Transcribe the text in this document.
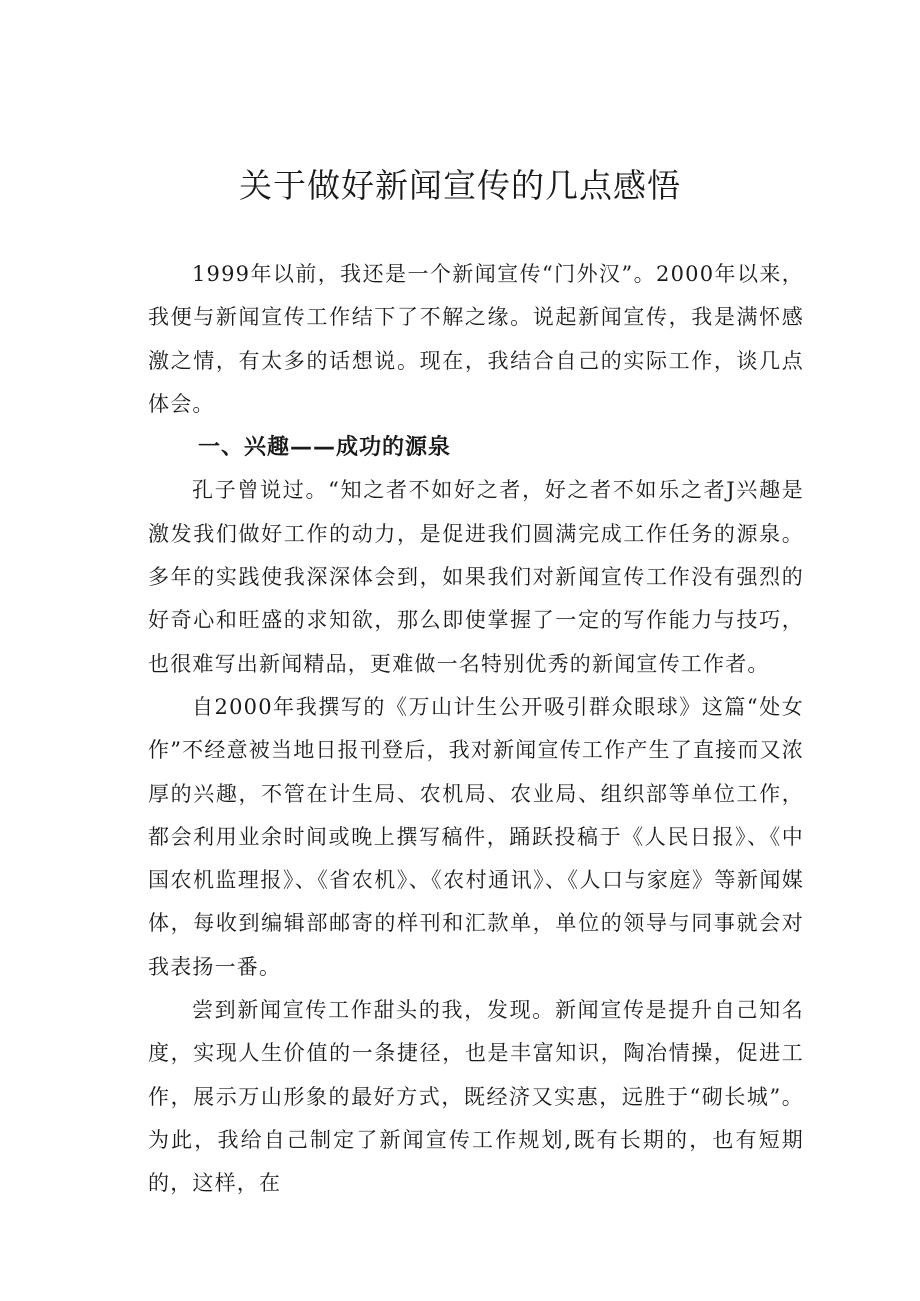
关于做好新闻宣传的几点感悟

1999年以前，我还是一个新闻宣传“门外汉”。2000年以来，我便与新闻宣传工作结下了不解之缘。说起新闻宣传，我是满怀感激之情，有太多的话想说。现在，我结合自己的实际工作，谈几点体会。

一、兴趣——成功的源泉

孔子曾说过。“知之者不如好之者，好之者不如乐之者J兴趣是激发我们做好工作的动力，是促进我们圆满完成工作任务的源泉。多年的实践使我深深体会到，如果我们对新闻宣传工作没有强烈的好奇心和旺盛的求知欲，那么即使掌握了一定的写作能力与技巧，也很难写出新闻精品，更难做一名特别优秀的新闻宣传工作者。

自2000年我撰写的《万山计生公开吸引群众眼球》这篇“处女作”不经意被当地日报刊登后，我对新闻宣传工作产生了直接而又浓厚的兴趣，不管在计生局、农机局、农业局、组织部等单位工作，都会利用业余时间或晚上撰写稿件，踊跃投稿于《人民日报》、《中国农机监理报》、《省农机》、《农村通讯》、《人口与家庭》等新闻媒体，每收到编辑部邮寄的样刊和汇款单，单位的领导与同事就会对我表扬一番。

尝到新闻宣传工作甜头的我，发现。新闻宣传是提升自己知名度，实现人生价值的一条捷径，也是丰富知识，陶冶情操，促进工作，展示万山形象的最好方式，既经济又实惠，远胜于“砌长城”。为此，我给自己制定了新闻宣传工作规划,既有长期的，也有短期的，这样，在
